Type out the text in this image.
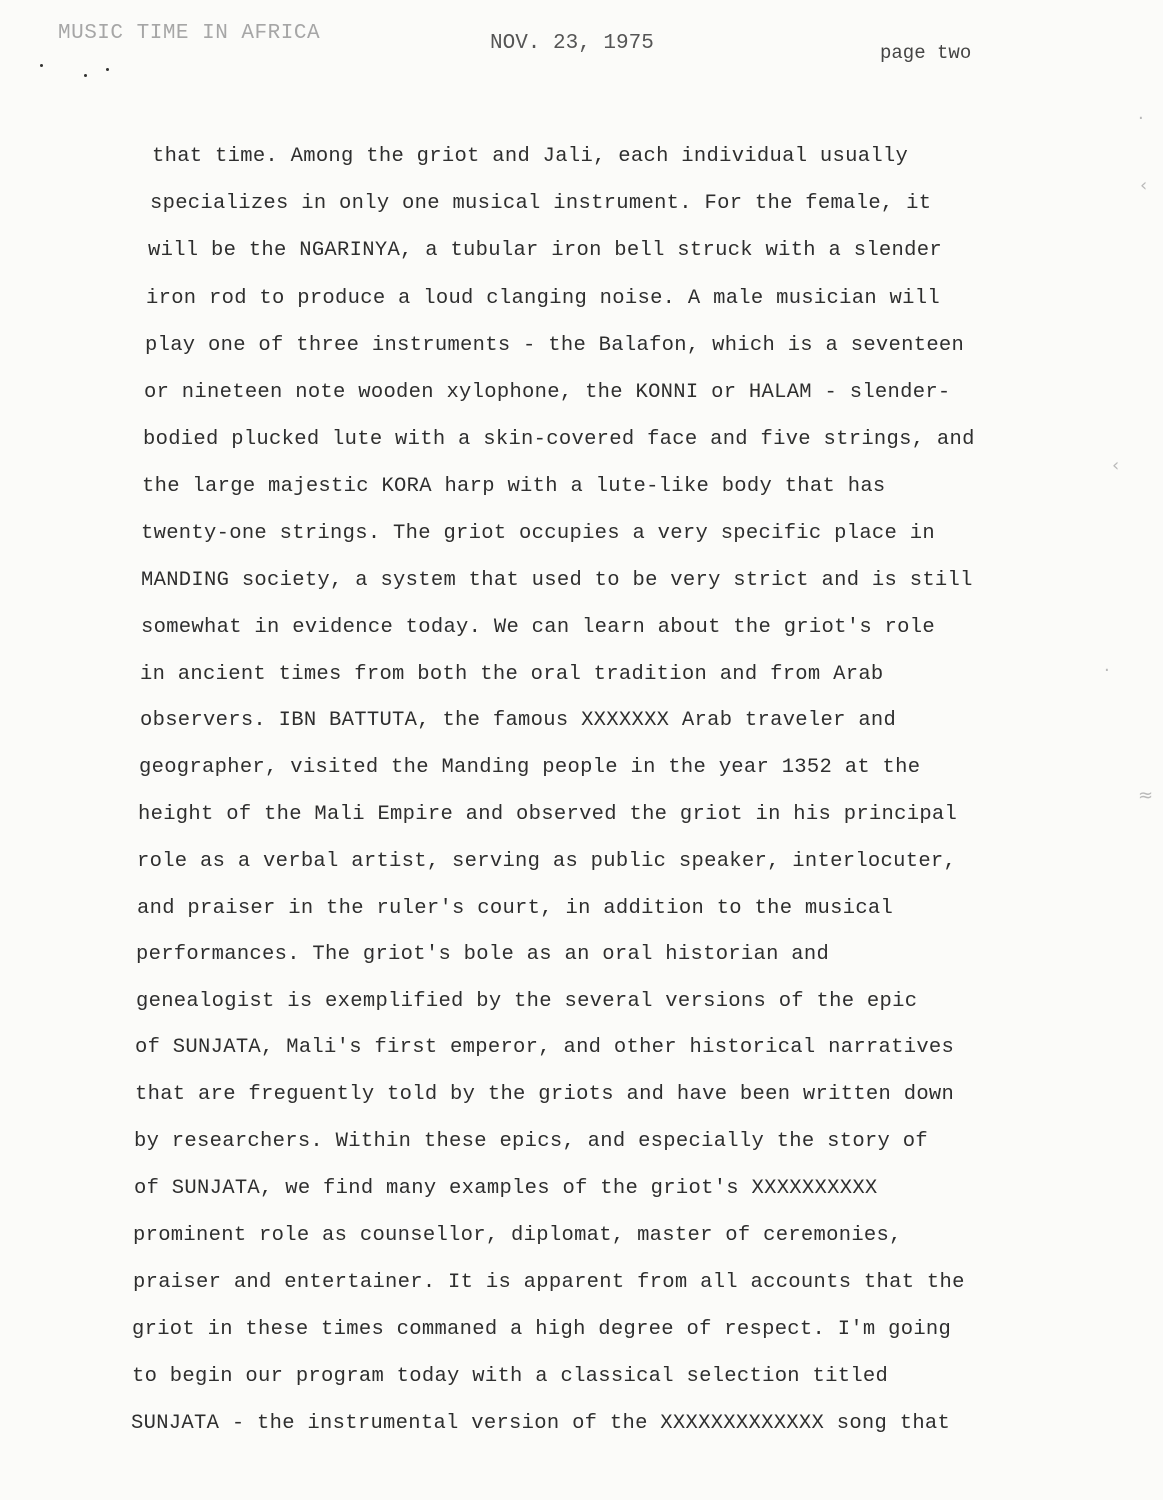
MUSIC TIME IN AFRICA	NOV. 23, 1975	page two
·
‹
‹
·
≈
that time. Among the griot and Jali, each individual usually
specializes in only one musical instrument. For the female, it
will be the NGARINYA, a tubular iron bell struck with a slender
iron rod to produce a loud clanging noise. A male musician will
play one of three instruments - the Balafon, which is a seventeen
or nineteen note wooden xylophone, the KONNI or HALAM - slender-
bodied plucked lute with a skin-covered face and five strings, and
the large majestic KORA harp with a lute-like body that has
twenty-one strings. The griot occupies a very specific place in
MANDING society, a system that used to be very strict and is still
somewhat in evidence today. We can learn about the griot's role
in ancient times from both the oral tradition and from Arab
observers. IBN BATTUTA, the famous XXXXXXX Arab traveler and
geographer, visited the Manding people in the year 1352 at the
height of the Mali Empire and observed the griot in his principal
role as a verbal artist, serving as public speaker, interlocuter,
and praiser in the ruler's court, in addition to the musical
performances. The griot's bole as an oral historian and
genealogist is exemplified by the several versions of the epic
of SUNJATA, Mali's first emperor, and other historical narratives
that are freguently told by the griots and have been written down
by researchers. Within these epics, and especially the story of
of SUNJATA, we find many examples of the griot's XXXXXXXXXX
prominent role as counsellor, diplomat, master of ceremonies,
praiser and entertainer. It is apparent from all accounts that the
griot in these times commaned a high degree of respect. I'm going
to begin our program today with a classical selection titled
SUNJATA - the instrumental version of the XXXXXXXXXXXXX song that
